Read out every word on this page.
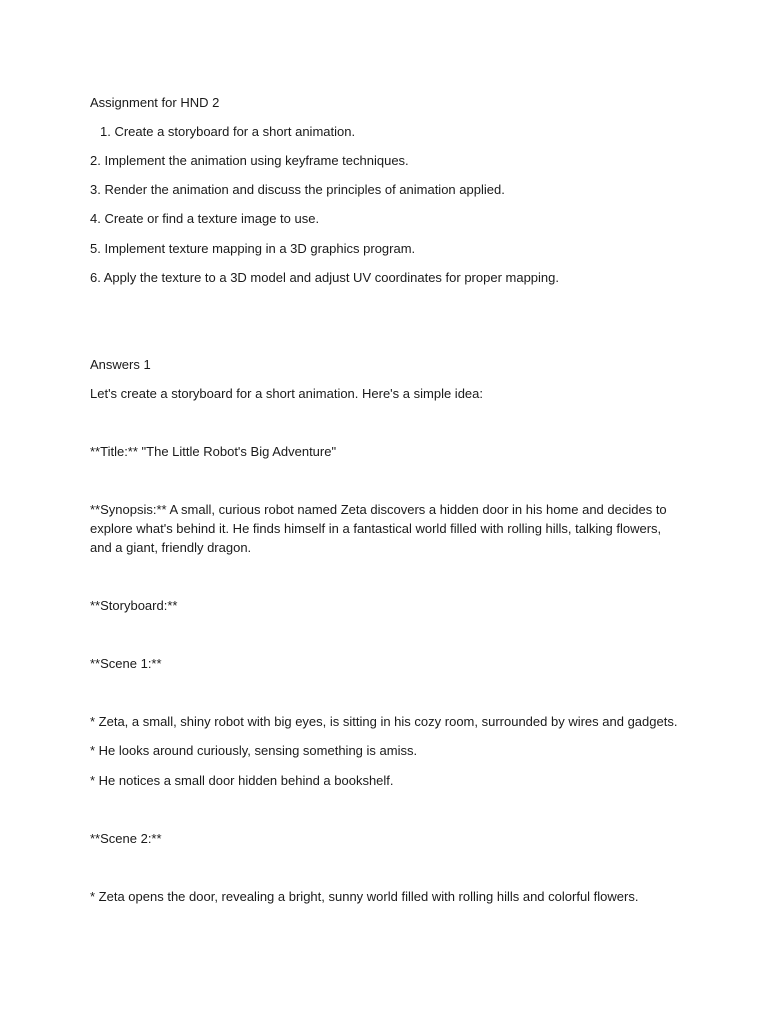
Assignment for HND 2
1. Create a storyboard for a short animation.
2. Implement the animation using keyframe techniques.
3. Render the animation and discuss the principles of animation applied.
4. Create or find a texture image to use.
5. Implement texture mapping in a 3D graphics program.
6. Apply the texture to a 3D model and adjust UV coordinates for proper mapping.
Answers 1
Let's create a storyboard for a short animation. Here's a simple idea:
**Title:** "The Little Robot's Big Adventure"
**Synopsis:** A small, curious robot named Zeta discovers a hidden door in his home and decides to explore what's behind it. He finds himself in a fantastical world filled with rolling hills, talking flowers, and a giant, friendly dragon.
**Storyboard:**
**Scene 1:**
* Zeta, a small, shiny robot with big eyes, is sitting in his cozy room, surrounded by wires and gadgets.
* He looks around curiously, sensing something is amiss.
* He notices a small door hidden behind a bookshelf.
**Scene 2:**
* Zeta opens the door, revealing a bright, sunny world filled with rolling hills and colorful flowers.
